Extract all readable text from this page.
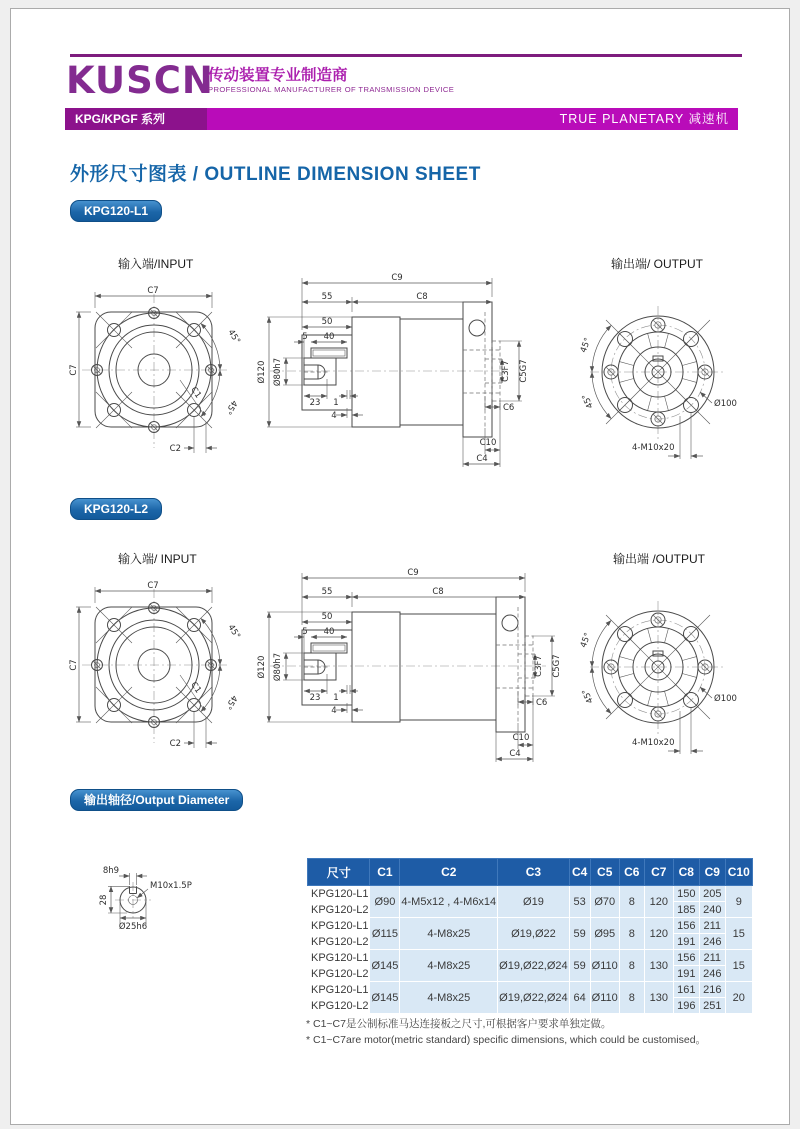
KUSCN
传动装置专业制造商
PROFESSIONAL MANUFACTURER OF TRANSMISSION DEVICE
KPG/KPGF 系列	TRUE PLANETARY 减速机
外形尺寸图表 / OUTLINE DIMENSION SHEET
KPG120-L1
输入端/INPUT	输出端/ OUTPUT
C7
C7
45°
45°
C1
C2
C9
55	C8
50
5 40
23 1
4
Ø80h7
Ø120	C3F7 C5G7
C6
C10
C4
45°
45°	Ø100
4-M10x20
KPG120-L2
输入端/ INPUT	输出端 /OUTPUT
C7
C7
45°
45°
C1
C2
C9
55	C8
50
5 40
23 1
4
Ø80h7
Ø120	C3F7 C5G7
C6
C10
C4
45°
45°	Ø100
4-M10x20
输出轴径/Output Diameter
8h9
28
M10x1.5P
Ø25h6
尺寸	C1	C2	C3	C4	C5	C6	C7	C8	C9	C10
KPG120-L1	Ø90	4-M5x12 , 4-M6x14	Ø19	53	Ø70	8	120	150	205	9
KPG120-L2								185	240	
KPG120-L1	Ø115	4-M8x25	Ø19,Ø22	59	Ø95	8	120	156	211	15
KPG120-L2								191	246	
KPG120-L1	Ø145	4-M8x25	Ø19,Ø22,Ø24	59	Ø110	8	130	156	211	15
KPG120-L2								191	246	
KPG120-L1	Ø145	4-M8x25	Ø19,Ø22,Ø24	64	Ø110	8	130	161	216	20
KPG120-L2								196	251	
* C1~C7是公制标准马达连接板之尺寸,可根据客户要求单独定做。
* C1~C7are motor(metric standard) specific dimensions, which could be customised。
